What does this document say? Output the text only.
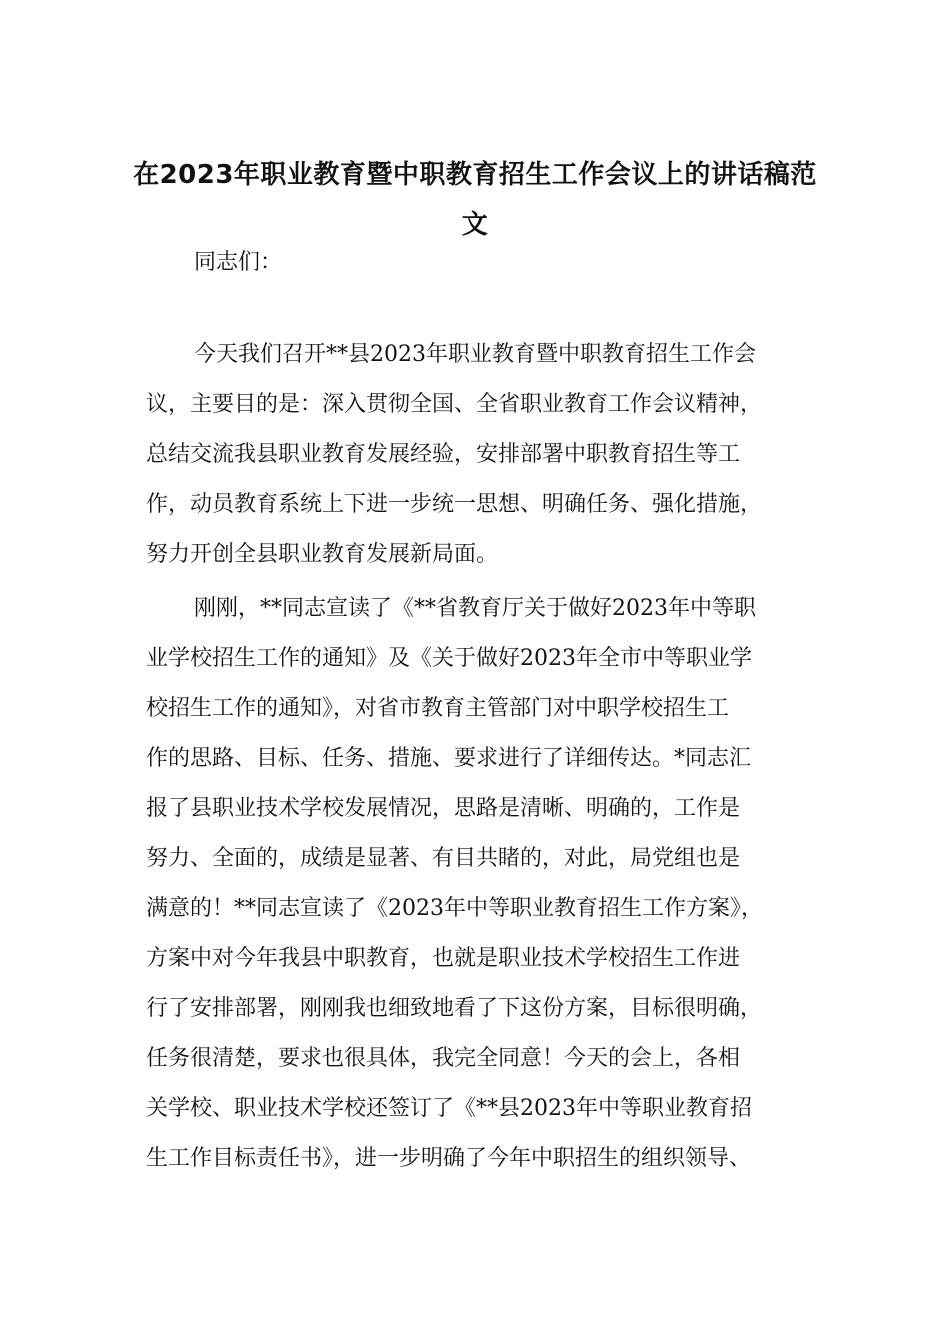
在2023年职业教育暨中职教育招生工作会议上的讲话稿范
文
同志们：
今天我们召开**县2023年职业教育暨中职教育招生工作会
议，主要目的是：深入贯彻全国、全省职业教育工作会议精神，
总结交流我县职业教育发展经验，安排部署中职教育招生等工
作，动员教育系统上下进一步统一思想、明确任务、强化措施，
努力开创全县职业教育发展新局面。
刚刚，**同志宣读了《**省教育厅关于做好2023年中等职
业学校招生工作的通知》及《关于做好2023年全市中等职业学
校招生工作的通知》，对省市教育主管部门对中职学校招生工
作的思路、目标、任务、措施、要求进行了详细传达。*同志汇
报了县职业技术学校发展情况，思路是清晰、明确的，工作是
努力、全面的，成绩是显著、有目共睹的，对此，局党组也是
满意的！**同志宣读了《2023年中等职业教育招生工作方案》，
方案中对今年我县中职教育，也就是职业技术学校招生工作进
行了安排部署，刚刚我也细致地看了下这份方案，目标很明确，
任务很清楚，要求也很具体，我完全同意！今天的会上，各相
关学校、职业技术学校还签订了《**县2023年中等职业教育招
生工作目标责任书》，进一步明确了今年中职招生的组织领导、
